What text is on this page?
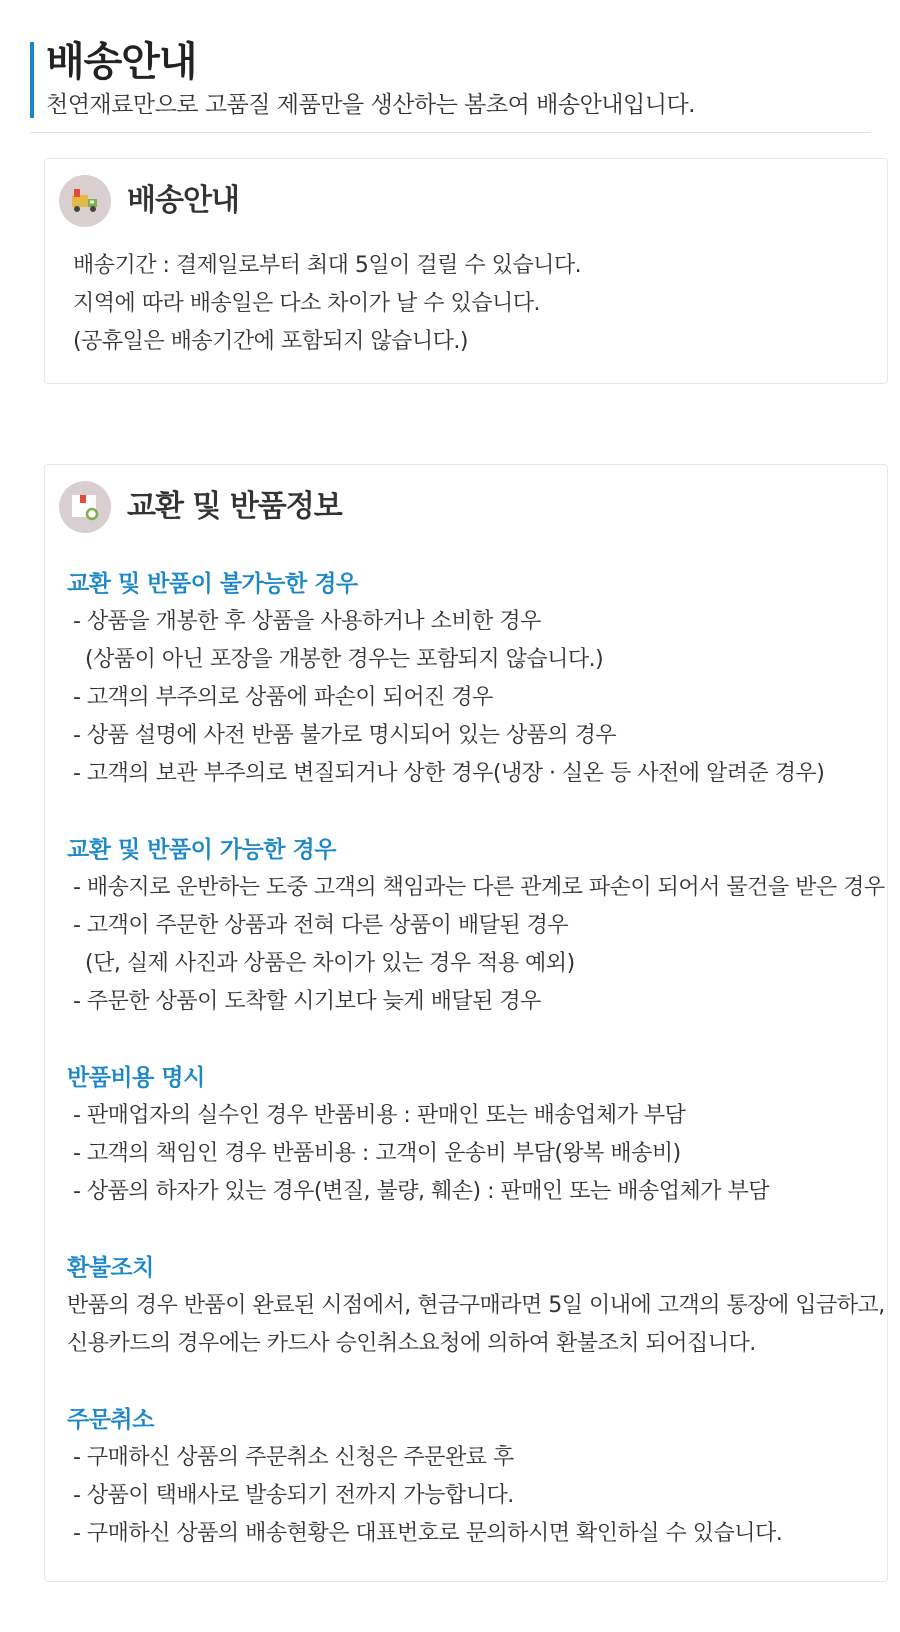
배송안내
천연재료만으로 고품질 제품만을 생산하는 봄초여 배송안내입니다.
배송안내
배송기간 : 결제일로부터 최대 5일이 걸릴 수 있습니다.
지역에 따라 배송일은 다소 차이가 날 수 있습니다.
(공휴일은 배송기간에 포함되지 않습니다.)
교환 및 반품정보
교환 및 반품이 불가능한 경우
- 상품을 개봉한 후 상품을 사용하거나 소비한 경우
(상품이 아닌 포장을 개봉한 경우는 포함되지 않습니다.)
- 고객의 부주의로 상품에 파손이 되어진 경우
- 상품 설명에 사전 반품 불가로 명시되어 있는 상품의 경우
- 고객의 보관 부주의로 변질되거나 상한 경우(냉장 · 실온 등 사전에 알려준 경우)
교환 및 반품이 가능한 경우
- 배송지로 운반하는 도중 고객의 책임과는 다른 관계로 파손이 되어서 물건을 받은 경우
- 고객이 주문한 상품과 전혀 다른 상품이 배달된 경우
(단, 실제 사진과 상품은 차이가 있는 경우 적용 예외)
- 주문한 상품이 도착할 시기보다 늦게 배달된 경우
반품비용 명시
- 판매업자의 실수인 경우 반품비용 : 판매인 또는 배송업체가 부담
- 고객의 책임인 경우 반품비용 : 고객이 운송비 부담(왕복 배송비)
- 상품의 하자가 있는 경우(변질, 불량, 훼손) : 판매인 또는 배송업체가 부담
환불조치
반품의 경우 반품이 완료된 시점에서, 현금구매라면 5일 이내에 고객의 통장에 입금하고,
신용카드의 경우에는 카드사 승인취소요청에 의하여 환불조치 되어집니다.
주문취소
- 구매하신 상품의 주문취소 신청은 주문완료 후
- 상품이 택배사로 발송되기 전까지 가능합니다.
- 구매하신 상품의 배송현황은 대표번호로 문의하시면 확인하실 수 있습니다.
